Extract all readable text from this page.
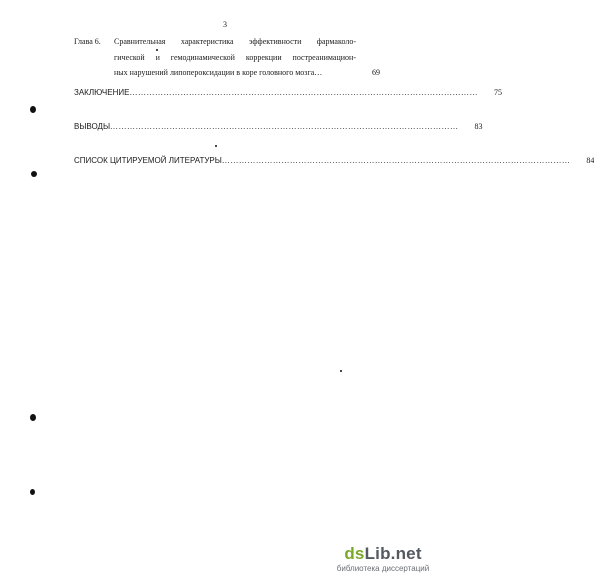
3
Глава 6.	Сравнительная характеристика эффективности фармаколо-
гической и гемодинамической коррекции постреанимацион-
ных нарушений липопероксидации в коре головного мозга…	69
ЗАКЛЮЧЕНИЕ ……………………………………………………………………………………………………………	75
ВЫВОДЫ ……………………………………………………………………………………………………………	83
СПИСОК ЦИТИРУЕМОЙ ЛИТЕРАТУРЫ ……………………………………………………………………………………………………………	84
dsLib.net
библиотека диссертаций
